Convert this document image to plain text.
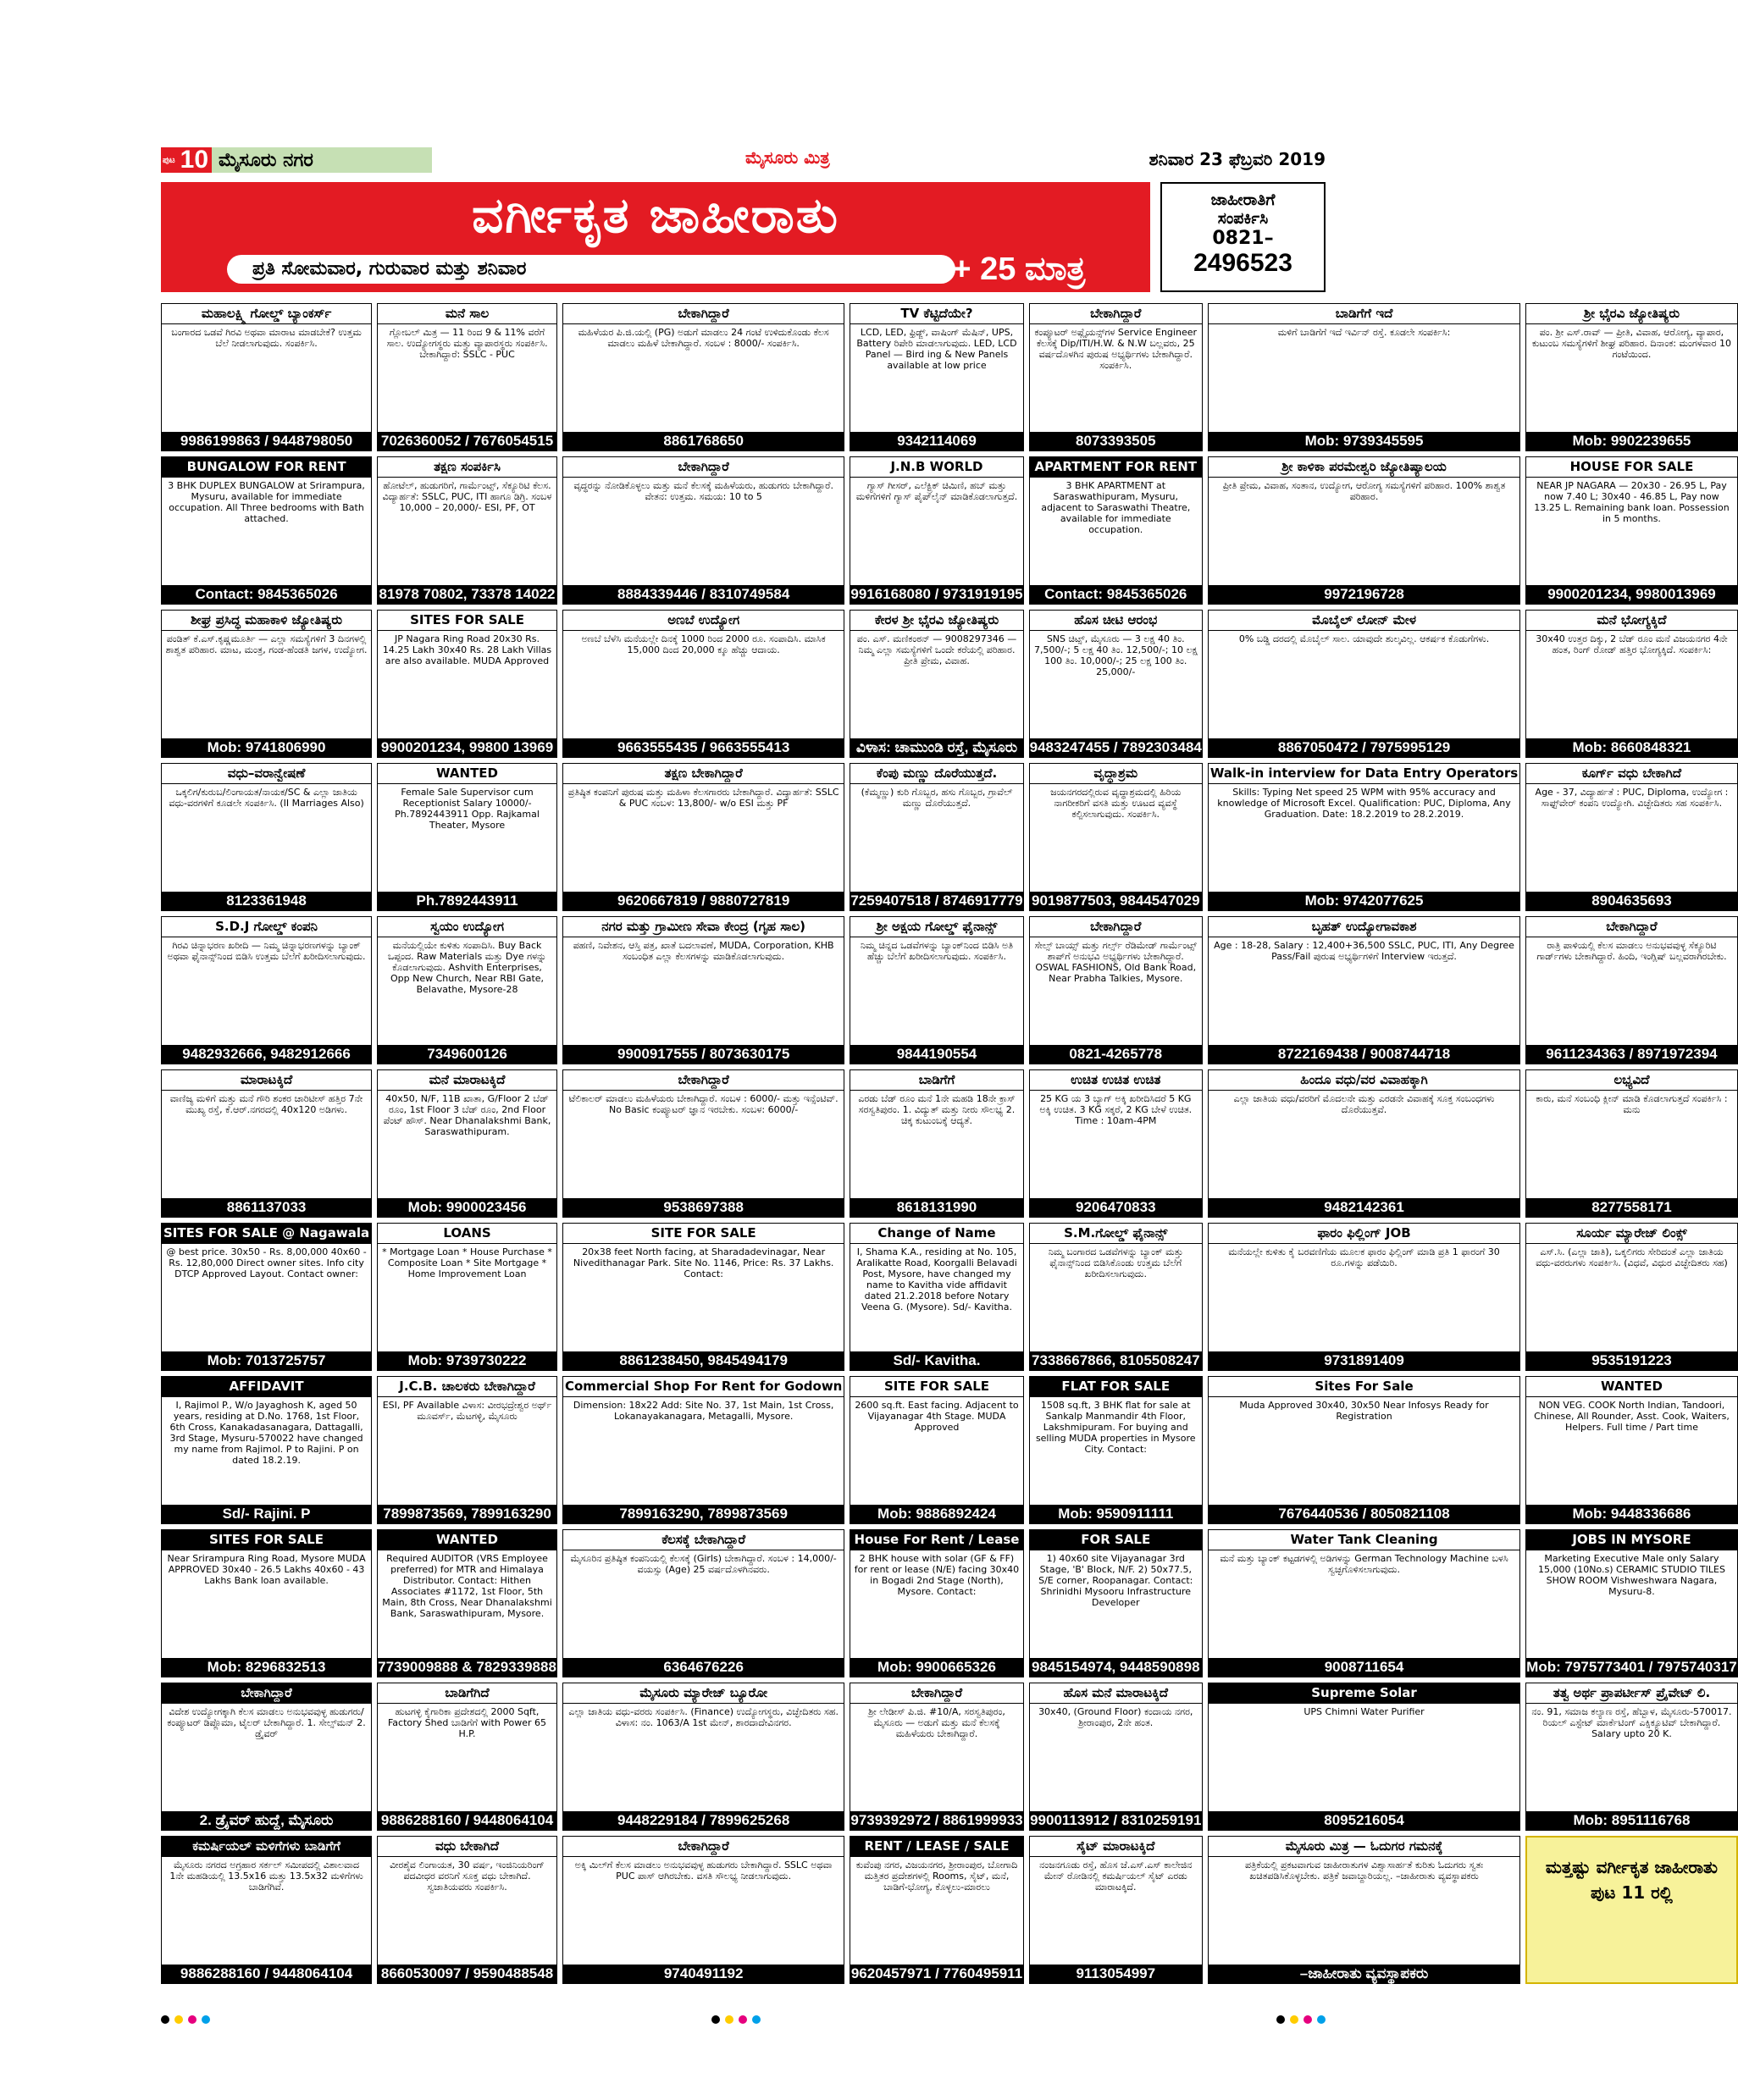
ಪುಟ 10 ಮೈಸೂರು ನಗರ	ಮೈಸೂರು ಮಿತ್ರ	ಶನಿವಾರ 23 ಫೆಬ್ರವರಿ 2019
ವರ್ಗೀಕೃತ ಜಾಹೀರಾತು
ಪ್ರತಿ ಸೋಮವಾರ, ಗುರುವಾರ ಮತ್ತು ಶನಿವಾರ	ರೂ. 500 + 25 ಮಾತ್ರ
ಜಾಹೀರಾತಿಗೆ
ಸಂಪರ್ಕಿಸಿ
0821–
2496523
ಮಹಾಲಕ್ಷ್ಮಿ ಗೋಲ್ಡ್ ಬ್ಯಾಂಕರ್ಸ್
ಬಂಗಾರದ ಒಡವೆ ಗಿರವಿ ಅಥವಾ ಮಾರಾಟ ಮಾಡಬೇಕೆ? ಉತ್ತಮ ಬೆಲೆ ನೀಡಲಾಗುವುದು. ಸಂಪರ್ಕಿಸಿ.
9986199863 / 9448798050
ಮನೆ ಸಾಲ
ಗ್ಲೋಬಲ್ ಮಿತ್ರ — 11 ರಿಂದ 9 & 11% ವರೆಗೆ ಸಾಲ. ಉದ್ಯೋಗಸ್ಥರು ಮತ್ತು ವ್ಯಾಪಾರಸ್ಥರು ಸಂಪರ್ಕಿಸಿ. ಬೇಕಾಗಿದ್ದಾರೆ: SSLC - PUC
7026360052 / 7676054515
ಬೇಕಾಗಿದ್ದಾರೆ
ಮಹಿಳೆಯರ ಪಿ.ಜಿ.ಯಲ್ಲಿ (PG) ಅಡುಗೆ ಮಾಡಲು 24 ಗಂಟೆ ಉಳಿದುಕೊಂಡು ಕೆಲಸ ಮಾಡಲು ಮಹಿಳೆ ಬೇಕಾಗಿದ್ದಾರೆ. ಸಂಬಳ : 8000/- ಸಂಪರ್ಕಿಸಿ.
8861768650
TV ಕೆಟ್ಟಿದೆಯೇ?
LCD, LED, ಫ್ರಿಡ್ಜ್, ವಾಷಿಂಗ್ ಮೆಷಿನ್, UPS, Battery ರಿಪೇರಿ ಮಾಡಲಾಗುವುದು. LED, LCD Panel — Bird ing & New Panels available at low price
9342114069
ಬೇಕಾಗಿದ್ದಾರೆ
ಕಂಪ್ಯೂಟರ್ ಅಪ್ಲೈಯನ್ಸ್‌ಗಳ Service Engineer ಕೆಲಸಕ್ಕೆ Dip/ITI/H.W. & N.W ಬಲ್ಲವರು, 25 ವರ್ಷದೊಳಗಿನ ಪುರುಷ ಅಭ್ಯರ್ಥಿಗಳು ಬೇಕಾಗಿದ್ದಾರೆ. ಸಂಪರ್ಕಿಸಿ.
8073393505
ಬಾಡಿಗೆಗೆ ಇದೆ
ಮಳಿಗೆ ಬಾಡಿಗೆಗೆ ಇದೆ ಇರ್ವಿನ್ ರಸ್ತೆ. ಕೂಡಲೇ ಸಂಪರ್ಕಿಸಿ:
Mob: 9739345595
ಶ್ರೀ ಭೈರವಿ ಜ್ಯೋತಿಷ್ಯರು
ಪಂ. ಶ್ರೀ ಎಸ್.ರಾವ್ — ಪ್ರೀತಿ, ವಿವಾಹ, ಆರೋಗ್ಯ, ವ್ಯಾಪಾರ, ಕುಟುಂಬ ಸಮಸ್ಯೆಗಳಿಗೆ ಶೀಘ್ರ ಪರಿಹಾರ. ದಿನಾಂಕ: ಮಂಗಳವಾರ 10 ಗಂಟೆಯಿಂದ.
Mob: 9902239655
BUNGALOW FOR RENT
3 BHK DUPLEX BUNGALOW at Srirampura, Mysuru, available for immediate occupation. All Three bedrooms with Bath attached.
Contact: 9845365026
ತಕ್ಷಣ ಸಂಪರ್ಕಿಸಿ
ಹೋಟೆಲ್, ಹುಡುಗರಿಗೆ, ಗಾರ್ಮೆಂಟ್ಸ್, ಸೆಕ್ಯೂರಿಟಿ ಕೆಲಸ. ವಿದ್ಯಾರ್ಹತೆ: SSLC, PUC, ITI ಹಾಗೂ ಡಿಗ್ರಿ. ಸಂಬಳ 10,000 – 20,000/- ESI, PF, OT
81978 70802, 73378 14022
ಬೇಕಾಗಿದ್ದಾರೆ
ವೃದ್ಧರನ್ನು ನೋಡಿಕೊಳ್ಳಲು ಮತ್ತು ಮನೆ ಕೆಲಸಕ್ಕೆ ಮಹಿಳೆಯರು, ಹುಡುಗರು ಬೇಕಾಗಿದ್ದಾರೆ. ವೇತನ: ಉತ್ತಮ. ಸಮಯ: 10 to 5
8884339446 / 8310749584
J.N.B WORLD
ಗ್ಯಾಸ್ ಗೀಸರ್, ಎಲೆಕ್ಟ್ರಿಕ್ ಚಿಮಿಣಿ, ಹಬ್ ಮತ್ತು ಮಳಿಗೆಗಳಿಗೆ ಗ್ಯಾಸ್ ಪೈಪ್‌ಲೈನ್ ಮಾಡಿಕೊಡಲಾಗುತ್ತದೆ.
9916168080 / 9731919195
APARTMENT FOR RENT
3 BHK APARTMENT at Saraswathipuram, Mysuru, adjacent to Saraswathi Theatre, available for immediate occupation.
Contact: 9845365026
ಶ್ರೀ ಕಾಳಿಕಾ ಪರಮೇಶ್ವರಿ ಜ್ಯೋತಿಷ್ಯಾಲಯ
ಪ್ರೀತಿ ಪ್ರೇಮ, ವಿವಾಹ, ಸಂತಾನ, ಉದ್ಯೋಗ, ಆರೋಗ್ಯ ಸಮಸ್ಯೆಗಳಿಗೆ ಪರಿಹಾರ. 100% ಶಾಶ್ವತ ಪರಿಹಾರ.
9972196728
HOUSE FOR SALE
NEAR JP NAGARA — 20x30 - 26.95 L, Pay now 7.40 L; 30x40 - 46.85 L, Pay now 13.25 L. Remaining bank loan. Possession in 5 months.
9900201234, 9980013969
ಶೀಘ್ರ ಪ್ರಸಿದ್ಧ ಮಹಾಕಾಳಿ ಜ್ಯೋತಿಷ್ಯರು
ಪಂಡಿತ್ ಕೆ.ಎಸ್.ಕೃಷ್ಣಮೂರ್ತಿ — ಎಲ್ಲಾ ಸಮಸ್ಯೆಗಳಿಗೆ 3 ದಿನಗಳಲ್ಲಿ ಶಾಶ್ವತ ಪರಿಹಾರ. ಮಾಟ, ಮಂತ್ರ, ಗಂಡ-ಹೆಂಡತಿ ಜಗಳ, ಉದ್ಯೋಗ.
Mob: 9741806990
SITES FOR SALE
JP Nagara Ring Road 20x30 Rs. 14.25 Lakh 30x40 Rs. 28 Lakh Villas are also available. MUDA Approved
9900201234, 99800 13969
ಅಣಬೆ ಉದ್ಯೋಗ
ಅಣಬೆ ಬೆಳೆಸಿ ಮನೆಯಲ್ಲೇ ದಿನಕ್ಕೆ 1000 ರಿಂದ 2000 ರೂ. ಸಂಪಾದಿಸಿ. ಮಾಸಿಕ 15,000 ದಿಂದ 20,000 ಕ್ಕೂ ಹೆಚ್ಚು ಆದಾಯ.
9663555435 / 9663555413
ಕೇರಳ ಶ್ರೀ ಭೈರವಿ ಜ್ಯೋತಿಷ್ಯರು
ಪಂ. ಎಸ್. ಮಣಿಕಂಠನ್ — 9008297346 — ನಿಮ್ಮ ಎಲ್ಲಾ ಸಮಸ್ಯೆಗಳಿಗೆ ಒಂದೇ ಕರೆಯಲ್ಲಿ ಪರಿಹಾರ. ಪ್ರೀತಿ ಪ್ರೇಮ, ವಿವಾಹ.
ವಿಳಾಸ: ಚಾಮುಂಡಿ ರಸ್ತೆ, ಮೈಸೂರು
ಹೊಸ ಚೀಟಿ ಆರಂಭ
SNS ಚಿಟ್ಸ್, ಮೈಸೂರು — 3 ಲಕ್ಷ 40 ತಿಂ. 7,500/-; 5 ಲಕ್ಷ 40 ತಿಂ. 12,500/-; 10 ಲಕ್ಷ 100 ತಿಂ. 10,000/-; 25 ಲಕ್ಷ 100 ತಿಂ. 25,000/-
9483247455 / 7892303484
ಮೊಬೈಲ್ ಲೋನ್ ಮೇಳ
0% ಬಡ್ಡಿ ದರದಲ್ಲಿ ಮೊಬೈಲ್ ಸಾಲ. ಯಾವುದೇ ಶುಲ್ಕವಿಲ್ಲ. ಆಕರ್ಷಕ ಕೊಡುಗೆಗಳು.
8867050472 / 7975995129
ಮನೆ ಭೋಗ್ಯಕ್ಕಿದೆ
30x40 ಉತ್ತರ ದಿಕ್ಕು, 2 ಬೆಡ್ ರೂಂ ಮನೆ ವಿಜಯನಗರ 4ನೇ ಹಂತ, ರಿಂಗ್ ರೋಡ್ ಹತ್ತಿರ ಭೋಗ್ಯಕ್ಕಿದೆ. ಸಂಪರ್ಕಿಸಿ:
Mob: 8660848321
ವಧು–ವರಾನ್ವೇಷಣೆ
ಒಕ್ಕಲಿಗ/ಕುರುಬ/ಲಿಂಗಾಯತ/ನಾಯಕ/SC & ಎಲ್ಲಾ ಜಾತಿಯ ವಧು-ವರಗಳಿಗೆ ಕೂಡಲೇ ಸಂಪರ್ಕಿಸಿ. (II Marriages Also)
8123361948
WANTED
Female Sale Supervisor cum Receptionist Salary 10000/- Ph.7892443911 Opp. Rajkamal Theater, Mysore
Ph.7892443911
ತಕ್ಷಣ ಬೇಕಾಗಿದ್ದಾರೆ
ಪ್ರತಿಷ್ಠಿತ ಕಂಪನಿಗೆ ಪುರುಷ ಮತ್ತು ಮಹಿಳಾ ಕೆಲಸಗಾರರು ಬೇಕಾಗಿದ್ದಾರೆ. ವಿದ್ಯಾರ್ಹತೆ: SSLC & PUC ಸಂಬಳ: 13,800/- w/o ESI ಮತ್ತು PF
9620667819 / 9880727819
ಕೆಂಪು ಮಣ್ಣು ದೊರೆಯುತ್ತದೆ.
(ಕೆಮ್ಮಣ್ಣು) ಕುರಿ ಗೊಬ್ಬರ, ಹಸು ಗೊಬ್ಬರ, ಗ್ರಾವೆಲ್ ಮಣ್ಣು ದೊರೆಯುತ್ತದೆ.
7259407518 / 8746917779
ವೃದ್ಧಾಶ್ರಮ
ಜಯನಗರದಲ್ಲಿರುವ ವೃದ್ಧಾಶ್ರಮದಲ್ಲಿ ಹಿರಿಯ ನಾಗರೀಕರಿಗೆ ವಸತಿ ಮತ್ತು ಊಟದ ವ್ಯವಸ್ಥೆ ಕಲ್ಪಿಸಲಾಗುವುದು. ಸಂಪರ್ಕಿಸಿ.
9019877503, 9844547029
Walk-in interview for Data Entry Operators
Skills: Typing Net speed 25 WPM with 95% accuracy and knowledge of Microsoft Excel. Qualification: PUC, Diploma, Any Graduation. Date: 18.2.2019 to 28.2.2019.
Mob: 9742077625
ಕೂರ್ಗ್ ವಧು ಬೇಕಾಗಿದೆ
Age - 37, ವಿದ್ಯಾರ್ಹತೆ : PUC, Diploma, ಉದ್ಯೋಗ : ಸಾಫ್ಟ್‌ವೇರ್ ಕಂಪನಿ ಉದ್ಯೋಗಿ. ವಿಚ್ಛೇದಿತರು ಸಹ ಸಂಪರ್ಕಿಸಿ.
8904635693
S.D.J ಗೋಲ್ಡ್ ಕಂಪನಿ
ಗಿರವಿ ಚಿನ್ನಾಭರಣ ಖರೀದಿ — ನಿಮ್ಮ ಚಿನ್ನಾಭರಣಗಳನ್ನು ಬ್ಯಾಂಕ್ ಅಥವಾ ಫೈನಾನ್ಸ್‌ನಿಂದ ಬಿಡಿಸಿ ಉತ್ತಮ ಬೆಲೆಗೆ ಖರೀದಿಸಲಾಗುವುದು.
9482932666, 9482912666
ಸ್ವಯಂ ಉದ್ಯೋಗ
ಮನೆಯಲ್ಲಿಯೇ ಕುಳಿತು ಸಂಪಾದಿಸಿ. Buy Back ಒಪ್ಪಂದ. Raw Materials ಮತ್ತು Dye ಗಳನ್ನು ಕೊಡಲಾಗುವುದು. Ashvith Enterprises, Opp New Church, Near RBI Gate, Belavathe, Mysore-28
7349600126
ನಗರ ಮತ್ತು ಗ್ರಾಮೀಣ ಸೇವಾ ಕೇಂದ್ರ (ಗೃಹ ಸಾಲ)
ಪಹಣಿ, ನಿವೇಶನ, ಆಸ್ತಿ ಪತ್ರ, ಖಾತೆ ಬದಲಾವಣೆ, MUDA, Corporation, KHB ಸಂಬಂಧಿತ ಎಲ್ಲಾ ಕೆಲಸಗಳನ್ನು ಮಾಡಿಕೊಡಲಾಗುವುದು.
9900917555 / 8073630175
ಶ್ರೀ ಅಕ್ಷಯ ಗೋಲ್ಡ್ ಫೈನಾನ್ಸ್
ನಿಮ್ಮ ಚಿನ್ನದ ಒಡವೆಗಳನ್ನು ಬ್ಯಾಂಕ್‌ನಿಂದ ಬಿಡಿಸಿ ಅತಿ ಹೆಚ್ಚು ಬೆಲೆಗೆ ಖರೀದಿಸಲಾಗುವುದು. ಸಂಪರ್ಕಿಸಿ.
9844190554
ಬೇಕಾಗಿದ್ದಾರೆ
ಸೇಲ್ಸ್ ಬಾಯ್ಸ್ ಮತ್ತು ಗರ್ಲ್ಸ್ ರೆಡಿಮೇಡ್ ಗಾರ್ಮೆಂಟ್ಸ್ ಶಾಪ್‌ಗೆ ಅನುಭವಿ ಅಭ್ಯರ್ಥಿಗಳು ಬೇಕಾಗಿದ್ದಾರೆ. OSWAL FASHIONS, Old Bank Road, Near Prabha Talkies, Mysore.
0821-4265778
ಬೃಹತ್ ಉದ್ಯೋಗಾವಕಾಶ
Age : 18-28, Salary : 12,400+36,500 SSLC, PUC, ITI, Any Degree Pass/Fail ಪುರುಷ ಅಭ್ಯರ್ಥಿಗಳಿಗೆ Interview ಇರುತ್ತದೆ.
8722169438 / 9008744718
ಬೇಕಾಗಿದ್ದಾರೆ
ರಾತ್ರಿ ಪಾಳಿಯಲ್ಲಿ ಕೆಲಸ ಮಾಡಲು ಅನುಭವವುಳ್ಳ ಸೆಕ್ಯೂರಿಟಿ ಗಾರ್ಡ್‌ಗಳು ಬೇಕಾಗಿದ್ದಾರೆ. ಹಿಂದಿ, ಇಂಗ್ಲಿಷ್ ಬಲ್ಲವರಾಗಿರಬೇಕು.
9611234363 / 8971972394
ಮಾರಾಟಕ್ಕಿದೆ
ವಾಣಿಜ್ಯ ಮಳಿಗೆ ಮತ್ತು ಮನೆ ಗೌರಿ ಶಂಕರ ಚಾರಿಟೀಸ್ ಹತ್ತಿರ 7ನೇ ಮುಖ್ಯ ರಸ್ತೆ, ಕೆ.ಆರ್.ನಗರದಲ್ಲಿ 40x120 ಅಡಿಗಳು.
8861137033
ಮನೆ ಮಾರಾಟಕ್ಕಿದೆ
40x50, N/F, 11B ಖಾತಾ, G/Floor 2 ಬೆಡ್ ರೂಂ, 1st Floor 3 ಬೆಡ್ ರೂಂ, 2nd Floor ಪೆಂಟ್ ಹೌಸ್. Near Dhanalakshmi Bank, Saraswathipuram.
Mob: 9900023456
ಬೇಕಾಗಿದ್ದಾರೆ
ಟೆಲಿಕಾಲರ್ ಮಾಡಲು ಮಹಿಳೆಯರು ಬೇಕಾಗಿದ್ದಾರೆ. ಸಂಬಳ : 6000/- ಮತ್ತು ಇನ್ಸೆಂಟಿವ್. No Basic ಕಂಪ್ಯೂಟರ್ ಜ್ಞಾನ ಇರಬೇಕು. ಸಂಬಳ: 6000/-
9538697388
ಬಾಡಿಗೆಗೆ
ಎರಡು ಬೆಡ್ ರೂಂ ಮನೆ 1ನೇ ಮಹಡಿ 18ನೇ ಕ್ರಾಸ್ ಸರಸ್ವತಿಪುರಂ. 1. ವಿದ್ಯುತ್ ಮತ್ತು ನೀರು ಸೌಲಭ್ಯ 2. ಚಿಕ್ಕ ಕುಟುಂಬಕ್ಕೆ ಆದ್ಯತೆ.
8618131990
ಉಚಿತ ಉಚಿತ ಉಚಿತ
25 KG ಯ 3 ಬ್ಯಾಗ್ ಅಕ್ಕಿ ಖರೀದಿಸಿದರೆ 5 KG ಅಕ್ಕಿ ಉಚಿತ. 3 KG ಸಕ್ಕರೆ, 2 KG ಬೇಳೆ ಉಚಿತ. Time : 10am-4PM
9206470833
ಹಿಂದೂ ವಧು/ವರ ವಿವಾಹಕ್ಕಾಗಿ
ಎಲ್ಲಾ ಜಾತಿಯ ವಧು/ವರರಿಗೆ ಮೊದಲನೇ ಮತ್ತು ಎರಡನೇ ವಿವಾಹಕ್ಕೆ ಸೂಕ್ತ ಸಂಬಂಧಗಳು ದೊರೆಯುತ್ತವೆ.
9482142361
ಲಭ್ಯವಿದೆ
ಕಾರು, ಮನೆ ಸಂಬಂಧಿ ಕ್ಲೀನ್ ಮಾಡಿ ಕೊಡಲಾಗುತ್ತದೆ ಸಂಪರ್ಕಿಸಿ : ಮನು
8277558171
SITES FOR SALE @ Nagawala
@ best price. 30x50 - Rs. 8,00,000 40x60 - Rs. 12,80,000 Direct owner sites. Info city DTCP Approved Layout. Contact owner:
Mob: 7013725757
LOANS
* Mortgage Loan * House Purchase * Composite Loan * Site Mortgage * Home Improvement Loan
Mob: 9739730222
SITE FOR SALE
20x38 feet North facing, at Sharadadevinagar, Near Nivedithanagar Park. Site No. 1146, Price: Rs. 37 Lakhs. Contact:
8861238450, 9845494179
Change of Name
I, Shama K.A., residing at No. 105, Aralikatte Road, Koorgalli Belavadi Post, Mysore, have changed my name to Kavitha vide affidavit dated 21.2.2018 before Notary Veena G. (Mysore). Sd/- Kavitha.
Sd/- Kavitha.
S.M.ಗೋಲ್ಡ್ ಫೈನಾನ್ಸ್
ನಿಮ್ಮ ಬಂಗಾರದ ಒಡವೆಗಳನ್ನು ಬ್ಯಾಂಕ್ ಮತ್ತು ಫೈನಾನ್ಸ್‌ನಿಂದ ಬಿಡಿಸಿಕೊಂಡು ಉತ್ತಮ ಬೆಲೆಗೆ ಖರೀದಿಸಲಾಗುವುದು.
7338667866, 8105508247
ಫಾರಂ ಫಿಲ್ಲಿಂಗ್ JOB
ಮನೆಯಲ್ಲೇ ಕುಳಿತು ಕೈ ಬರವಣಿಗೆಯ ಮೂಲಕ ಫಾರಂ ಫಿಲ್ಲಿಂಗ್ ಮಾಡಿ ಪ್ರತಿ 1 ಫಾರಂಗೆ 30 ರೂ.ಗಳನ್ನು ಪಡೆಯಿರಿ.
9731891409
ಸೂರ್ಯ ಮ್ಯಾರೇಜ್ ಲಿಂಕ್ಸ್
ಎಸ್.ಸಿ. (ಎಲ್ಲಾ ಜಾತಿ), ಒಕ್ಕಲಿಗರು ಸೇರಿದಂತೆ ಎಲ್ಲಾ ಜಾತಿಯ ವಧು-ವರರುಗಳು ಸಂಪರ್ಕಿಸಿ. (ವಿಧವೆ, ವಿಧುರ ವಿಚ್ಛೇದಿತರು ಸಹ)
9535191223
AFFIDAVIT
I, Rajimol P., W/o Jayaghosh K, aged 50 years, residing at D.No. 1768, 1st Floor, 6th Cross, Kanakadasanagara, Dattagalli, 3rd Stage, Mysuru-570022 have changed my name from Rajimol. P to Rajini. P on dated 18.2.19.
Sd/- Rajini. P
J.C.B. ಚಾಲಕರು ಬೇಕಾಗಿದ್ದಾರೆ
ESI, PF Available ವಿಳಾಸ: ವೀರಭದ್ರೇಶ್ವರ ಅರ್ಥ್ ಮೂವರ್ಸ್, ಮೆಟಗಳ್ಳಿ, ಮೈಸೂರು
7899873569, 7899163290
Commercial Shop For Rent for Godown
Dimension: 18x22 Add: Site No. 37, 1st Main, 1st Cross, Lokanayakanagara, Metagalli, Mysore.
7899163290, 7899873569
SITE FOR SALE
2600 sq.ft. East facing. Adjacent to Vijayanagar 4th Stage. MUDA Approved
Mob: 9886892424
FLAT FOR SALE
1508 sq.ft, 3 BHK flat for sale at Sankalp Manmandir 4th Floor, Lakshmipuram. For buying and selling MUDA properties in Mysore City. Contact:
Mob: 9590911111
Sites For Sale
Muda Approved 30x40, 30x50 Near Infosys Ready for Registration
7676440536 / 8050821108
WANTED
NON VEG. COOK North Indian, Tandoori, Chinese, All Rounder, Asst. Cook, Waiters, Helpers. Full time / Part time
Mob: 9448336686
SITES FOR SALE
Near Srirampura Ring Road, Mysore MUDA APPROVED 30x40 - 26.5 Lakhs 40x60 - 43 Lakhs Bank loan available.
Mob: 8296832513
WANTED
Required AUDITOR (VRS Employee preferred) for MTR and Himalaya Distributor. Contact: Hithen Associates #1172, 1st Floor, 5th Main, 8th Cross, Near Dhanalakshmi Bank, Saraswathipuram, Mysore.
7739009888 & 7829339888
ಕೆಲಸಕ್ಕೆ ಬೇಕಾಗಿದ್ದಾರೆ
ಮೈಸೂರಿನ ಪ್ರತಿಷ್ಠಿತ ಕಂಪನಿಯಲ್ಲಿ ಕೆಲಸಕ್ಕೆ (Girls) ಬೇಕಾಗಿದ್ದಾರೆ. ಸಂಬಳ : 14,000/- ವಯಸ್ಸು (Age) 25 ವರ್ಷದೊಳಗಿನವರು.
6364676226
House For Rent / Lease
2 BHK house with solar (GF & FF) for rent or lease (N/E) facing 30x40 in Bogadi 2nd Stage (North), Mysore. Contact:
Mob: 9900665326
FOR SALE
1) 40x60 site Vijayanagar 3rd Stage, 'B' Block, N/F. 2) 50x77.5, S/E corner, Roopanagar. Contact: Shrinidhi Mysooru Infrastructure Developer
9845154974, 9448590898
Water Tank Cleaning
ಮನೆ ಮತ್ತು ಬ್ಯಾಂಕ್ ಕಟ್ಟಡಗಳಲ್ಲಿ ಅಡಿಗಳನ್ನು German Technology Machine ಬಳಸಿ ಸ್ವಚ್ಛಗೊಳಿಸಲಾಗುವುದು.
9008711654
JOBS IN MYSORE
Marketing Executive Male only Salary 15,000 (10No.s) CERAMIC STUDIO TILES SHOW ROOM Vishweshwara Nagara, Mysuru-8.
Mob: 7975773401 / 7975740317
ಬೇಕಾಗಿದ್ದಾರೆ
ವಿದೇಶ ಉದ್ಯೋಗಕ್ಕಾಗಿ ಕೆಲಸ ಮಾಡಲು ಅನುಭವವುಳ್ಳ ಹುಡುಗರು/ಕಂಪ್ಯೂಟರ್ ಡಿಪ್ಲೊಮಾ, ಟೈಲರ್ ಬೇಕಾಗಿದ್ದಾರೆ. 1. ಸೇಲ್ಸ್‌ಮನ್ 2. ಡ್ರೈವರ್
2. ಡ್ರೈವರ್ ಹುದ್ದೆ, ಮೈಸೂರು
ಬಾಡಿಗೆಗಿದೆ
ಹುಟಗಳ್ಳಿ ಕೈಗಾರಿಕಾ ಪ್ರದೇಶದಲ್ಲಿ 2000 Sqft, Factory Shed ಬಾಡಿಗೆಗೆ with Power 65 H.P.
9886288160 / 9448064104
ಮೈಸೂರು ಮ್ಯಾರೇಜ್ ಬ್ಯೂರೋ
ಎಲ್ಲಾ ಜಾತಿಯ ವಧು-ವರರು ಸಂಪರ್ಕಿಸಿ. (Finance) ಉದ್ಯೋಗಸ್ಥರು, ವಿಚ್ಛೇದಿತರು ಸಹ. ವಿಳಾಸ: ನಂ. 1063/A 1st ಮೇನ್, ಶಾರದಾದೇವಿನಗರ.
9448229184 / 7899625268
ಬೇಕಾಗಿದ್ದಾರೆ
ಶ್ರೀ ಲೇಡೀಸ್ ಪಿ.ಜಿ. #10/A, ಸರಸ್ವತಿಪುರಂ, ಮೈಸೂರು — ಅಡುಗೆ ಮತ್ತು ಮನೆ ಕೆಲಸಕ್ಕೆ ಮಹಿಳೆಯರು ಬೇಕಾಗಿದ್ದಾರೆ.
9739392972 / 8861999933
ಹೊಸ ಮನೆ ಮಾರಾಟಕ್ಕಿದೆ
30x40, (Ground Floor) ಕಂದಾಯ ನಗರ, ಶ್ರೀರಾಂಪುರ, 2ನೇ ಹಂತ.
9900113912 / 8310259191
Supreme Solar
UPS Chimni Water Purifier
8095216054
ತತ್ವ ಅರ್ಥ ಪ್ರಾಪರ್ಟೀಸ್ ಪ್ರೈವೇಟ್ ಲಿ.
ನಂ. 91, ಸಮಾಜ ಕಲ್ಯಾಣ ರಸ್ತೆ, ಹೆಬ್ಬಾಳ, ಮೈಸೂರು-570017. ರಿಯಲ್ ಎಸ್ಟೇಟ್ ಮಾರ್ಕೆಟಿಂಗ್ ಎಕ್ಸಿಕ್ಯೂಟಿವ್ ಬೇಕಾಗಿದ್ದಾರೆ. Salary upto 20 K.
Mob: 8951116768
ಕಮರ್ಷಿಯಲ್ ಮಳಿಗೆಗಳು ಬಾಡಿಗೆಗೆ
ಮೈಸೂರು ನಗರದ ಅಗ್ರಹಾರ ಸರ್ಕಲ್ ಸಮೀಪದಲ್ಲಿ ವಿಶಾಲವಾದ 1ನೇ ಮಹಡಿಯಲ್ಲಿ 13.5x16 ಮತ್ತು 13.5x32 ಮಳಿಗೆಗಳು ಬಾಡಿಗೆಗಿವೆ.
9886288160 / 9448064104
ವಧು ಬೇಕಾಗಿದೆ
ವೀರಶೈವ ಲಿಂಗಾಯತ, 30 ವರ್ಷ, ಇಂಜಿನಿಯರಿಂಗ್ ಪದವೀಧರ ವರನಿಗೆ ಸೂಕ್ತ ವಧು ಬೇಕಾಗಿದೆ. ಸ್ವಜಾತಿಯವರು ಸಂಪರ್ಕಿಸಿ.
8660530097 / 9590488548
ಬೇಕಾಗಿದ್ದಾರೆ
ಅಕ್ಕಿ ಮಿಲ್‌ಗೆ ಕೆಲಸ ಮಾಡಲು ಅನುಭವವುಳ್ಳ ಹುಡುಗರು ಬೇಕಾಗಿದ್ದಾರೆ. SSLC ಅಥವಾ PUC ಪಾಸ್ ಆಗಿರಬೇಕು. ವಸತಿ ಸೌಲಭ್ಯ ನೀಡಲಾಗುವುದು.
9740491192
RENT / LEASE / SALE
ಕುವೆಂಪು ನಗರ, ವಿಜಯನಗರ, ಶ್ರೀರಾಂಪುರ, ಬೋಗಾದಿ ಮತ್ತಿತರ ಪ್ರದೇಶಗಳಲ್ಲಿ Rooms, ಸೈಟ್, ಮನೆ, ಬಾಡಿಗೆ-ಭೋಗ್ಯ, ಕೊಳ್ಳಲು-ಮಾರಲು
9620457971 / 7760495911
ಸೈಟ್ ಮಾರಾಟಕ್ಕಿದೆ
ನಂಜನಗೂಡು ರಸ್ತೆ, ಹೊಸ ಜೆ.ಎಸ್.ಎಸ್ ಕಾಲೇಜಿನ ಮೇನ್ ರೋಡಿನಲ್ಲಿ ಕಮರ್ಷಿಯಲ್ ಸೈಟ್ ಎರಡು ಮಾರಾಟಕ್ಕಿದೆ.
9113054997
ಮೈಸೂರು ಮಿತ್ರ — ಓದುಗರ ಗಮನಕ್ಕೆ
ಪತ್ರಿಕೆಯಲ್ಲಿ ಪ್ರಕಟವಾಗುವ ಜಾಹೀರಾತುಗಳ ವಿಶ್ವಾಸಾರ್ಹತೆ ಕುರಿತು ಓದುಗರು ಸ್ವತಃ ಖಚಿತಪಡಿಸಿಕೊಳ್ಳಬೇಕು. ಪತ್ರಿಕೆ ಜವಾಬ್ದಾರಿಯಲ್ಲ. –ಜಾಹೀರಾತು ವ್ಯವಸ್ಥಾಪಕರು
–ಜಾಹೀರಾತು ವ್ಯವಸ್ಥಾಪಕರು
ಮತ್ತಷ್ಟು ವರ್ಗೀಕೃತ ಜಾಹೀರಾತು ಪುಟ 11 ರಲ್ಲಿ
